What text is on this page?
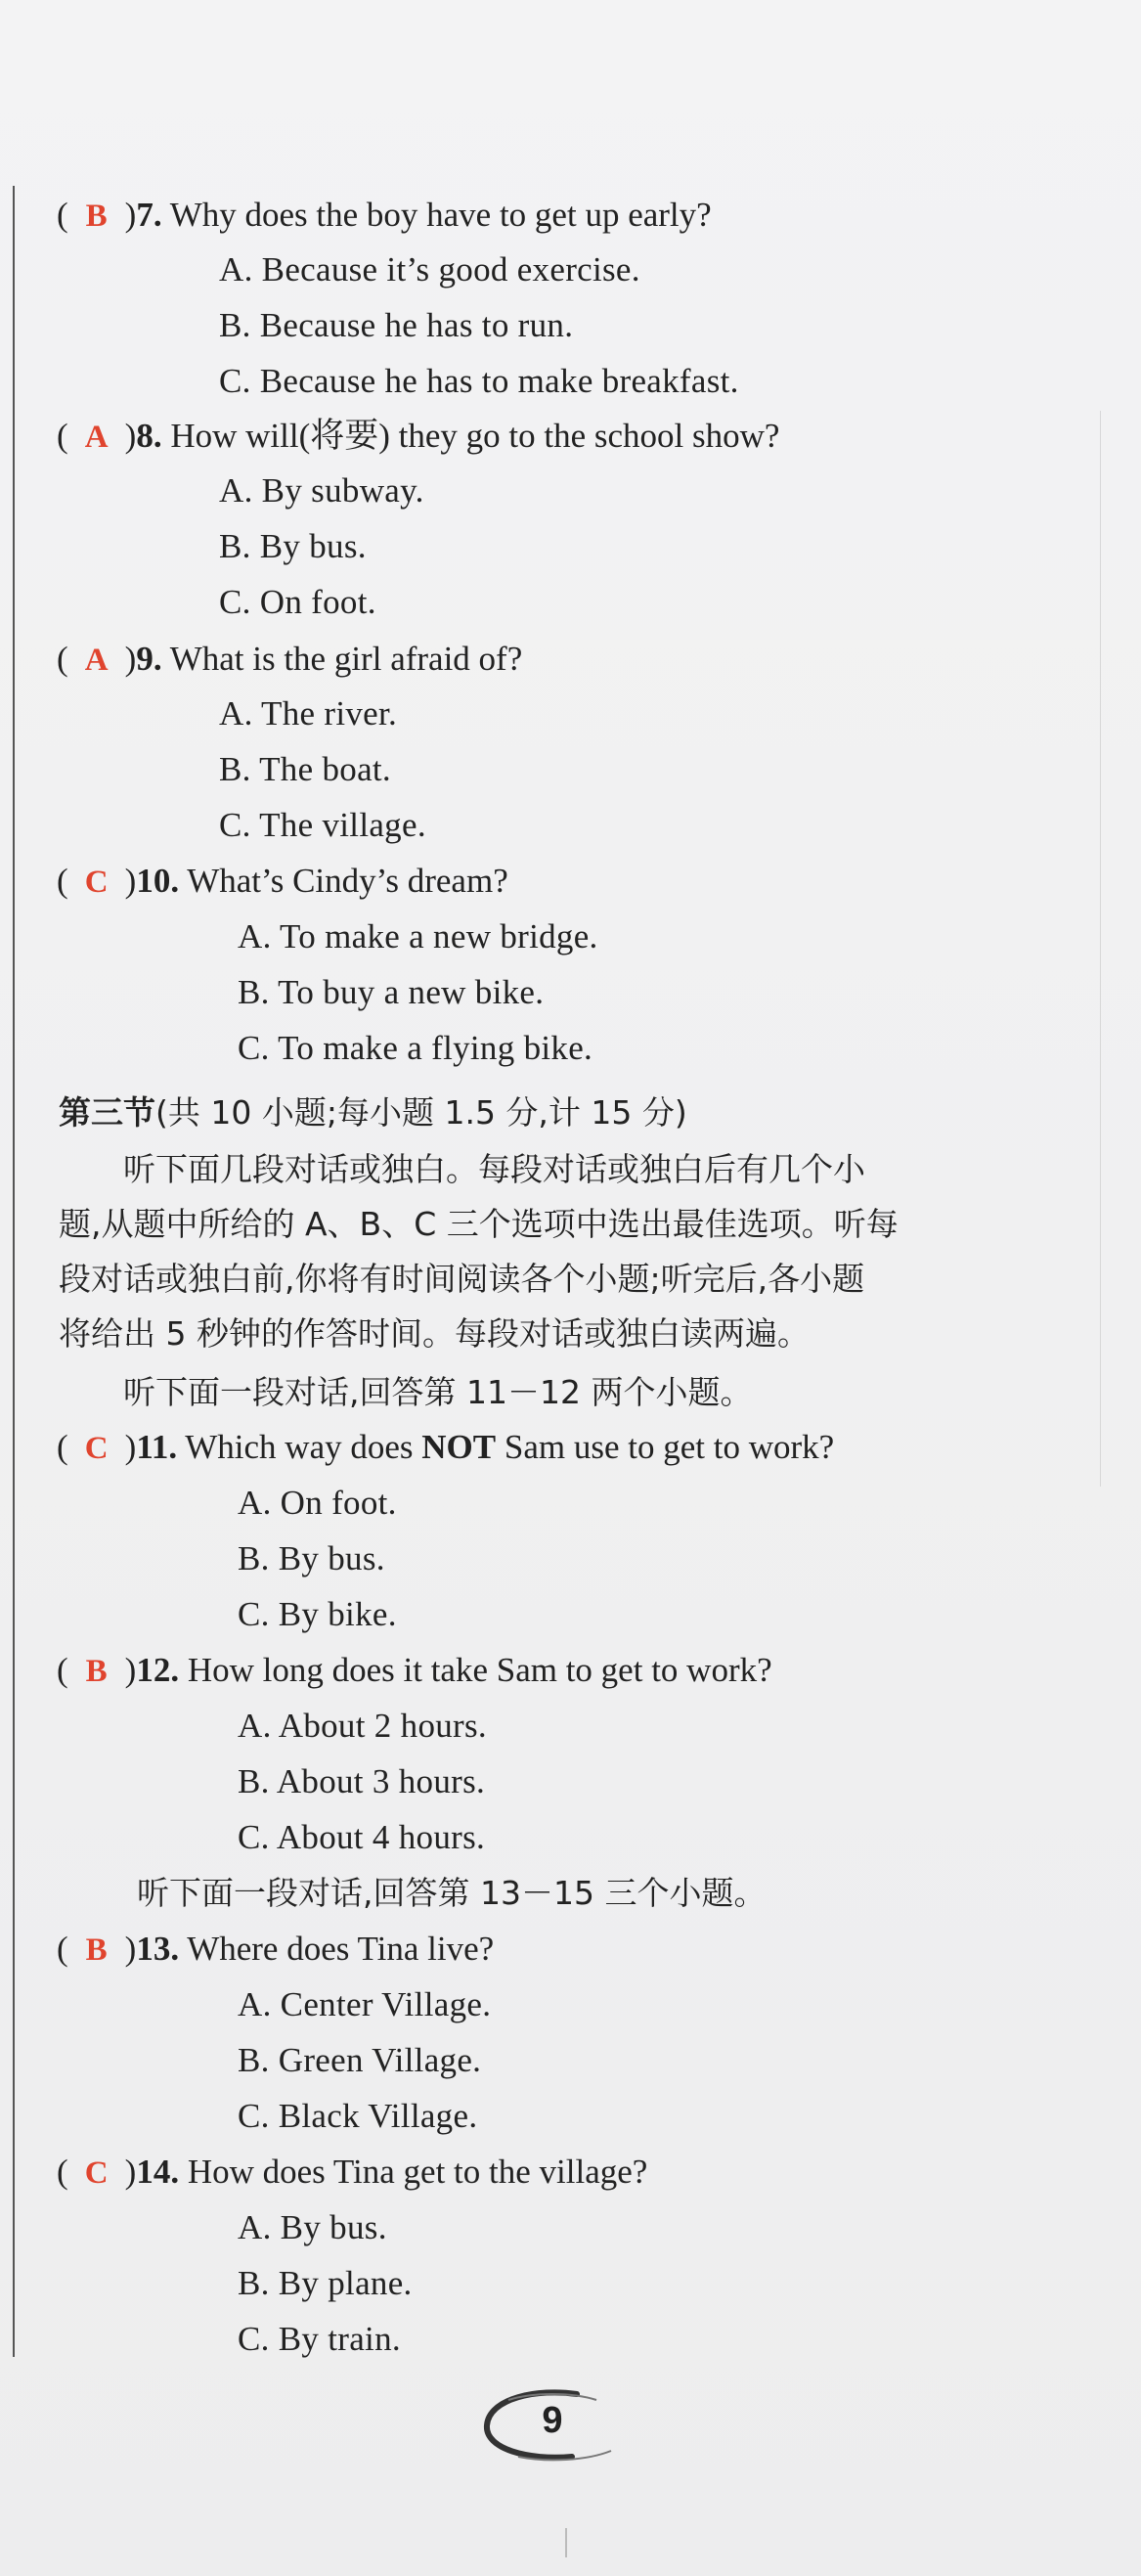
( B )7. Why does the boy have to get up early?
A. Because it’s good exercise.
B. Because he has to run.
C. Because he has to make breakfast.
( A )8. How will(将要) they go to the school show?
A. By subway.
B. By bus.
C. On foot.
( A )9. What is the girl afraid of?
A. The river.
B. The boat.
C. The village.
( C )10. What’s Cindy’s dream?
A. To make a new bridge.
B. To buy a new bike.
C. To make a flying bike.
第三节(共 10 小题;每小题 1.5 分,计 15 分)

听下面几段对话或独白。每段对话或独白后有几个小

题,从题中所给的 A、B、C 三个选项中选出最佳选项。听每

段对话或独白前,你将有时间阅读各个小题;听完后,各小题

将给出 5 秒钟的作答时间。每段对话或独白读两遍。

听下面一段对话,回答第 11－12 两个小题。
( C )11. Which way does NOT Sam use to get to work?
A. On foot.
B. By bus.
C. By bike.
( B )12. How long does it take Sam to get to work?
A. About 2 hours.
B. About 3 hours.
C. About 4 hours.
听下面一段对话,回答第 13－15 三个小题。
( B )13. Where does Tina live?
A. Center Village.
B. Green Village.
C. Black Village.
( C )14. How does Tina get to the village?
A. By bus.
B. By plane.
C. By train.
9
